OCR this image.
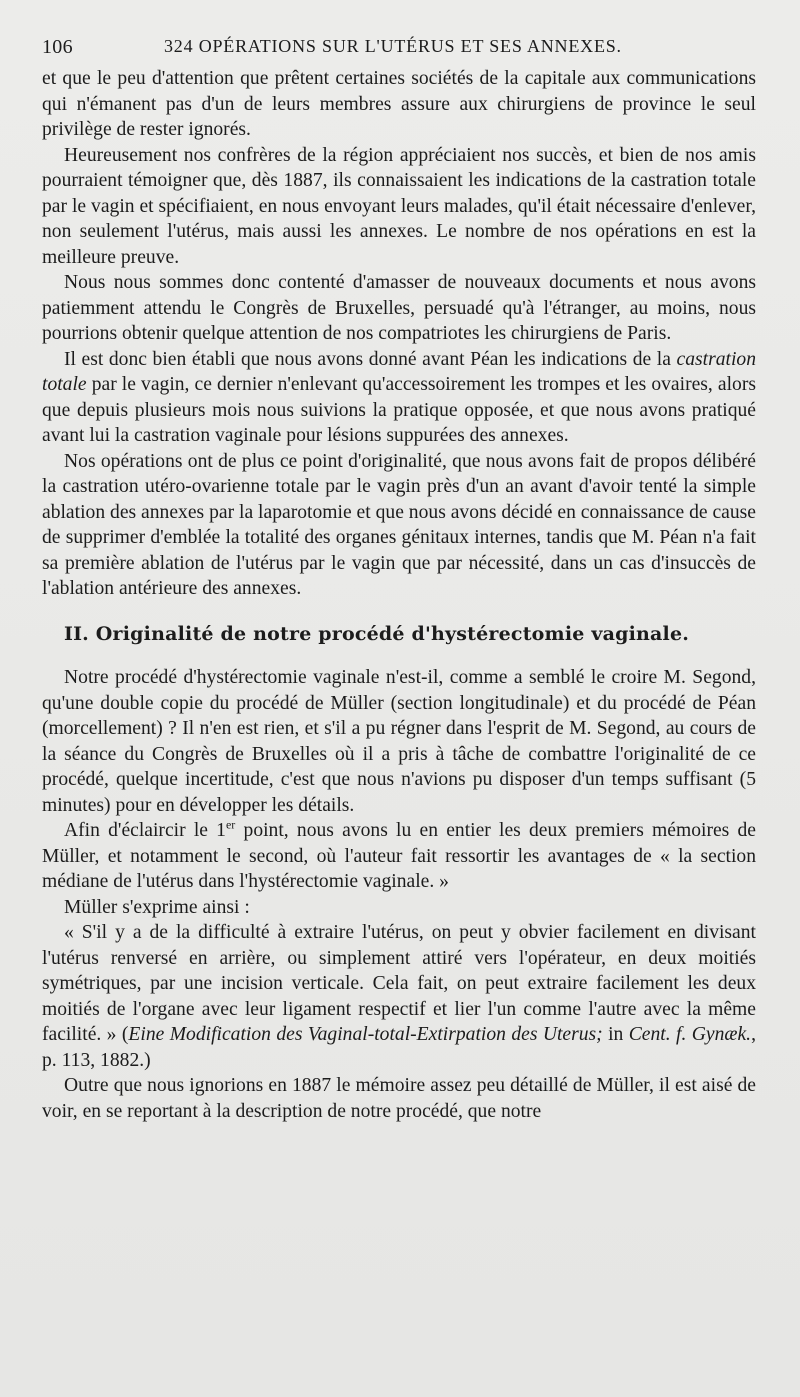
106	324 OPÉRATIONS SUR L'UTÉRUS ET SES ANNEXES.

et que le peu d'attention que prêtent certaines sociétés de la capitale aux communications qui n'émanent pas d'un de leurs membres assure aux chirurgiens de province le seul privilège de rester ignorés.

Heureusement nos confrères de la région appréciaient nos succès, et bien de nos amis pourraient témoigner que, dès 1887, ils connaissaient les indications de la castration totale par le vagin et spécifiaient, en nous envoyant leurs malades, qu'il était nécessaire d'enlever, non seulement l'utérus, mais aussi les annexes. Le nombre de nos opérations en est la meilleure preuve.

Nous nous sommes donc contenté d'amasser de nouveaux documents et nous avons patiemment attendu le Congrès de Bruxelles, persuadé qu'à l'étranger, au moins, nous pourrions obtenir quelque attention de nos compatriotes les chirurgiens de Paris.

Il est donc bien établi que nous avons donné avant Péan les indications de la castration totale par le vagin, ce dernier n'enlevant qu'accessoirement les trompes et les ovaires, alors que depuis plusieurs mois nous suivions la pratique opposée, et que nous avons pratiqué avant lui la castration vaginale pour lésions suppurées des annexes.

Nos opérations ont de plus ce point d'originalité, que nous avons fait de propos délibéré la castration utéro-ovarienne totale par le vagin près d'un an avant d'avoir tenté la simple ablation des annexes par la laparotomie et que nous avons décidé en connaissance de cause de supprimer d'emblée la totalité des organes génitaux internes, tandis que M. Péan n'a fait sa première ablation de l'utérus par le vagin que par nécessité, dans un cas d'insuccès de l'ablation antérieure des annexes.

II. Originalité de notre procédé d'hystérectomie vaginale.

Notre procédé d'hystérectomie vaginale n'est-il, comme a semblé le croire M. Segond, qu'une double copie du procédé de Müller (section longitudinale) et du procédé de Péan (morcellement) ? Il n'en est rien, et s'il a pu régner dans l'esprit de M. Segond, au cours de la séance du Congrès de Bruxelles où il a pris à tâche de combattre l'originalité de ce procédé, quelque incertitude, c'est que nous n'avions pu disposer d'un temps suffisant (5 minutes) pour en développer les détails.

Afin d'éclaircir le 1er point, nous avons lu en entier les deux premiers mémoires de Müller, et notamment le second, où l'auteur fait ressortir les avantages de « la section médiane de l'utérus dans l'hystérectomie vaginale. »

Müller s'exprime ainsi :

« S'il y a de la difficulté à extraire l'utérus, on peut y obvier facilement en divisant l'utérus renversé en arrière, ou simplement attiré vers l'opérateur, en deux moitiés symétriques, par une incision verticale. Cela fait, on peut extraire facilement les deux moitiés de l'organe avec leur ligament respectif et lier l'un comme l'autre avec la même facilité. » (Eine Modification des Vaginal-total-Extirpation des Uterus; in Cent. f. Gynæk., p. 113, 1882.)

Outre que nous ignorions en 1887 le mémoire assez peu détaillé de Müller, il est aisé de voir, en se reportant à la description de notre procédé, que notre
